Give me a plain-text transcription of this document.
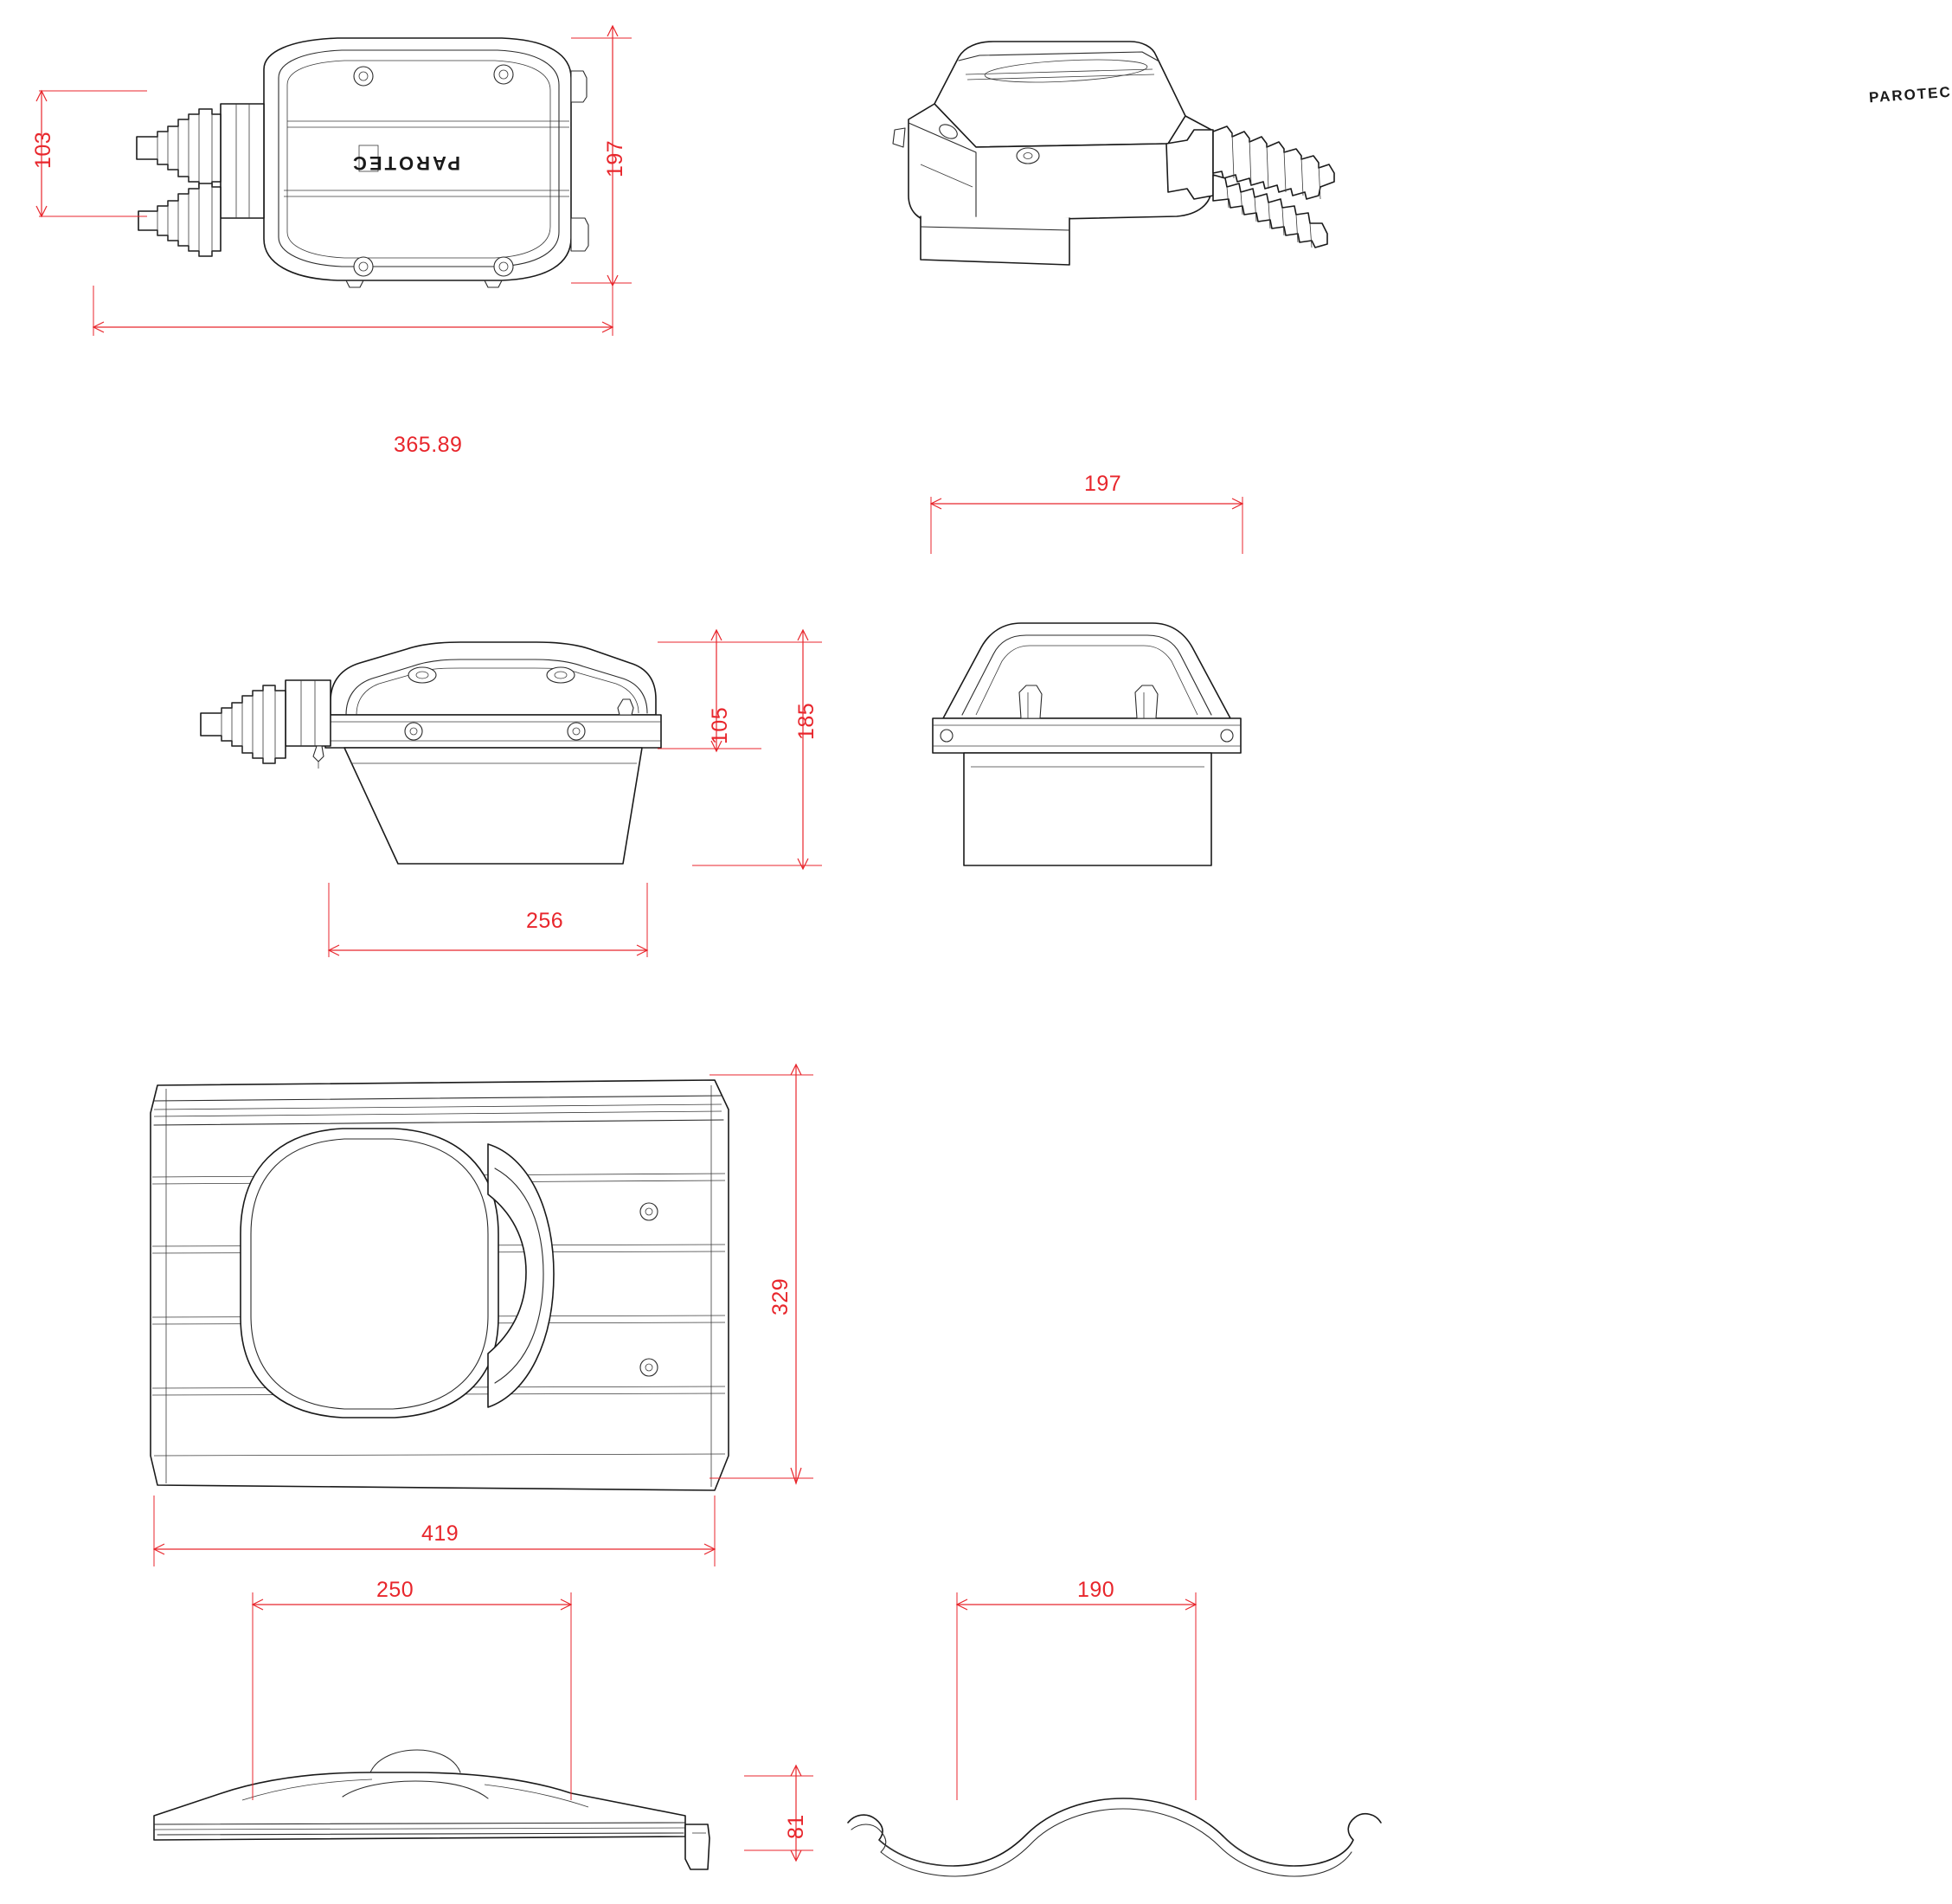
PAROTEC
103	197
365.89
PAROTEC
105	185
256
197
329
419
250
81
190
